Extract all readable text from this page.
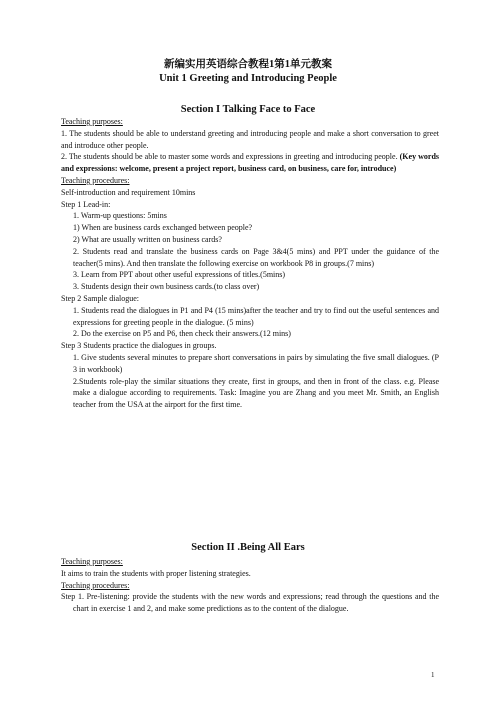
新编实用英语综合教程1第1单元教案

Unit 1 Greeting and Introducing People

Section I Talking Face to Face

Teaching purposes:

1. The students should be able to understand greeting and introducing people and make a short conversation to greet and introduce other people.

2. The students should be able to master some words and expressions in greeting and introducing people. (Key words and expressions: welcome, present a project report, business card, on business, care for, introduce)

Teaching procedures:

Self-introduction and requirement 10mins

Step 1 Lead-in:

1. Warm-up questions: 5mins

1) When are business cards exchanged between people?

2) What are usually written on business cards?

2. Students read and translate the business cards on Page 3&4(5 mins) and PPT under the guidance of the teacher(5 mins). And then translate the following exercise on workbook P8 in groups.(7 mins)

3. Learn from PPT about other useful expressions of titles.(5mins)

3. Students design their own business cards.(to class over)

Step 2 Sample dialogue:

1. Students read the dialogues in P1 and P4 (15 mins)after the teacher and try to find out the useful sentences and expressions for greeting people in the dialogue. (5 mins)

2. Do the exercise on P5 and P6, then check their answers.(12 mins)

Step 3 Students practice the dialogues in groups.

1. Give students several minutes to prepare short conversations in pairs by simulating the five small dialogues. (P 3 in workbook)

2.Students role-play the similar situations they create, first in groups, and then in front of the class. e.g. Please make a dialogue according to requirements. Task: Imagine you are Zhang and you meet Mr. Smith, an English teacher from the USA at the airport for the first time.

Section II .Being All Ears

Teaching purposes:

It aims to train the students with proper listening strategies.

Teaching procedures:

Step 1. Pre-listening: provide the students with the new words and expressions; read through the questions and the chart in exercise 1 and 2, and make some predictions as to the content of the dialogue.

1
